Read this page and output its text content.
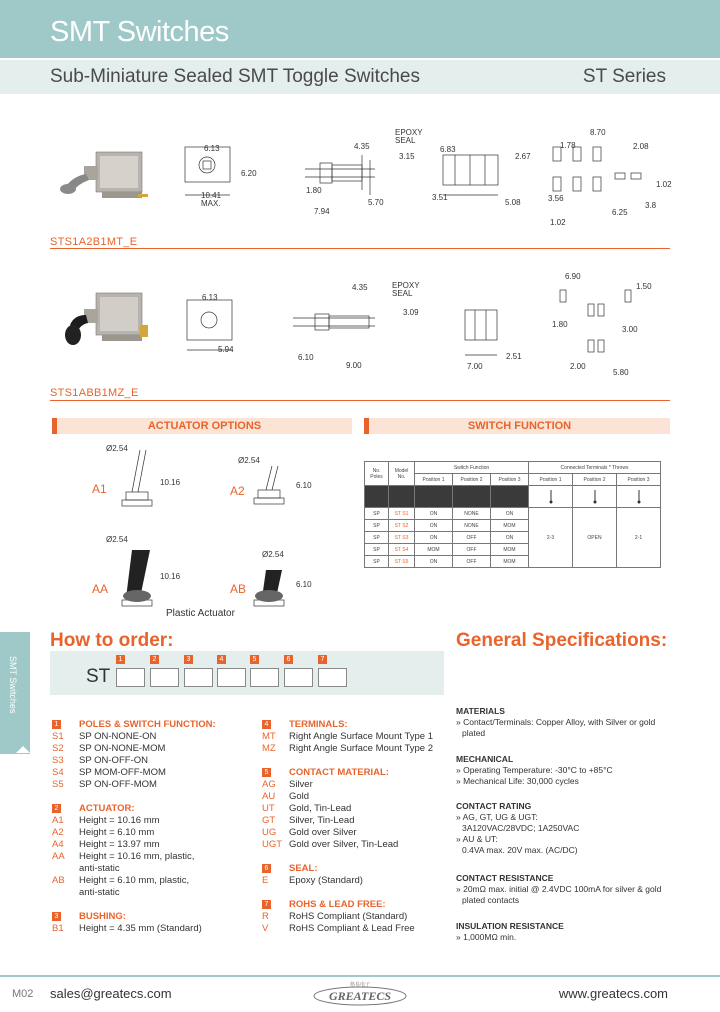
SMT Switches
Sub-Miniature Sealed SMT Toggle Switches	ST Series
6.13
6.20
10.41
MAX.
4.35
EPOXY
SEAL
3.15
1.80
7.94
5.70
6.83
2.67
3.51
5.08
8.70
1.78	2.08
1.02
3.56
3.8
6.25
1.02
STS1A2B1MT_E
6.13
5.94
4.35	EPOXY
SEAL
3.09
6.10
9.00	7.00
2.51
6.90
1.50
1.80
3.00
2.00
5.80
STS1ABB1MZ_E
ACTUATOR OPTIONS
A1	A2
AA	AB
Ø2.54
10.16
Ø2.54
6.10
Ø2.54
10.16
Ø2.54
6.10
Plastic Actuator
SWITCH FUNCTION
No. Poles	Model No.	Switch Function			Connected Terminals * Throws		
		Position 1	Position 2	Position 3	Position 1	Position 2	Position 3

SP	ST S1	ON	NONE	ON	2-3	OPEN	2-1
SP	ST S2	ON	NONE	MOM			
SP	ST S3	ON	OFF	ON			
SP	ST S4	MOM	OFF	MOM			
SP	ST S5	ON	OFF	MOM			
SMT Switches
How to order:	General Specifications:
ST
1	2	3	4	5	6	7
1 POLES & SWITCH FUNCTION:
S1	SP ON-NONE-ON
S2	SP ON-NONE-MOM
S3	SP ON-OFF-ON
S4	SP MOM-OFF-MOM
S5	SP ON-OFF-MOM
2 ACTUATOR:
A1	Height = 10.16 mm
A2	Height = 6.10 mm
A4	Height = 13.97 mm
AA	Height = 10.16 mm, plastic,
anti-static
AB	Height = 6.10 mm, plastic,
anti-static
3 BUSHING:
B1	Height = 4.35 mm (Standard)
4 TERMINALS:
MT	Right Angle Surface Mount Type 1
MZ	Right Angle Surface Mount Type 2
5 CONTACT MATERIAL:
AG	Silver
AU	Gold
UT	Gold, Tin-Lead
GT	Silver, Tin-Lead
UG	Gold over Silver
UGT Gold over Silver, Tin-Lead
6 SEAL:
E	Epoxy (Standard)
7 ROHS & LEAD FREE:
R	RoHS Compliant (Standard)
V	RoHS Compliant & Lead Free
MATERIALS
» Contact/Terminals: Copper Alloy, with Silver or gold
plated
MECHANICAL
» Operating Temperature: -30°C to +85°C
» Mechanical Life: 30,000 cycles
CONTACT RATING
» AG, GT, UG & UGT:
3A120VAC/28VDC; 1A250VAC
» AU & UT:
0.4VA max. 20V max. (AC/DC)
CONTACT RESISTANCE
» 20mΩ max. initial @ 2.4VDC 100mA for silver & gold
plated contacts
INSULATION RESISTANCE
» 1,000MΩ min.
M02 sales@greatecs.com
格易电子
GREATECS	www.greatecs.com
